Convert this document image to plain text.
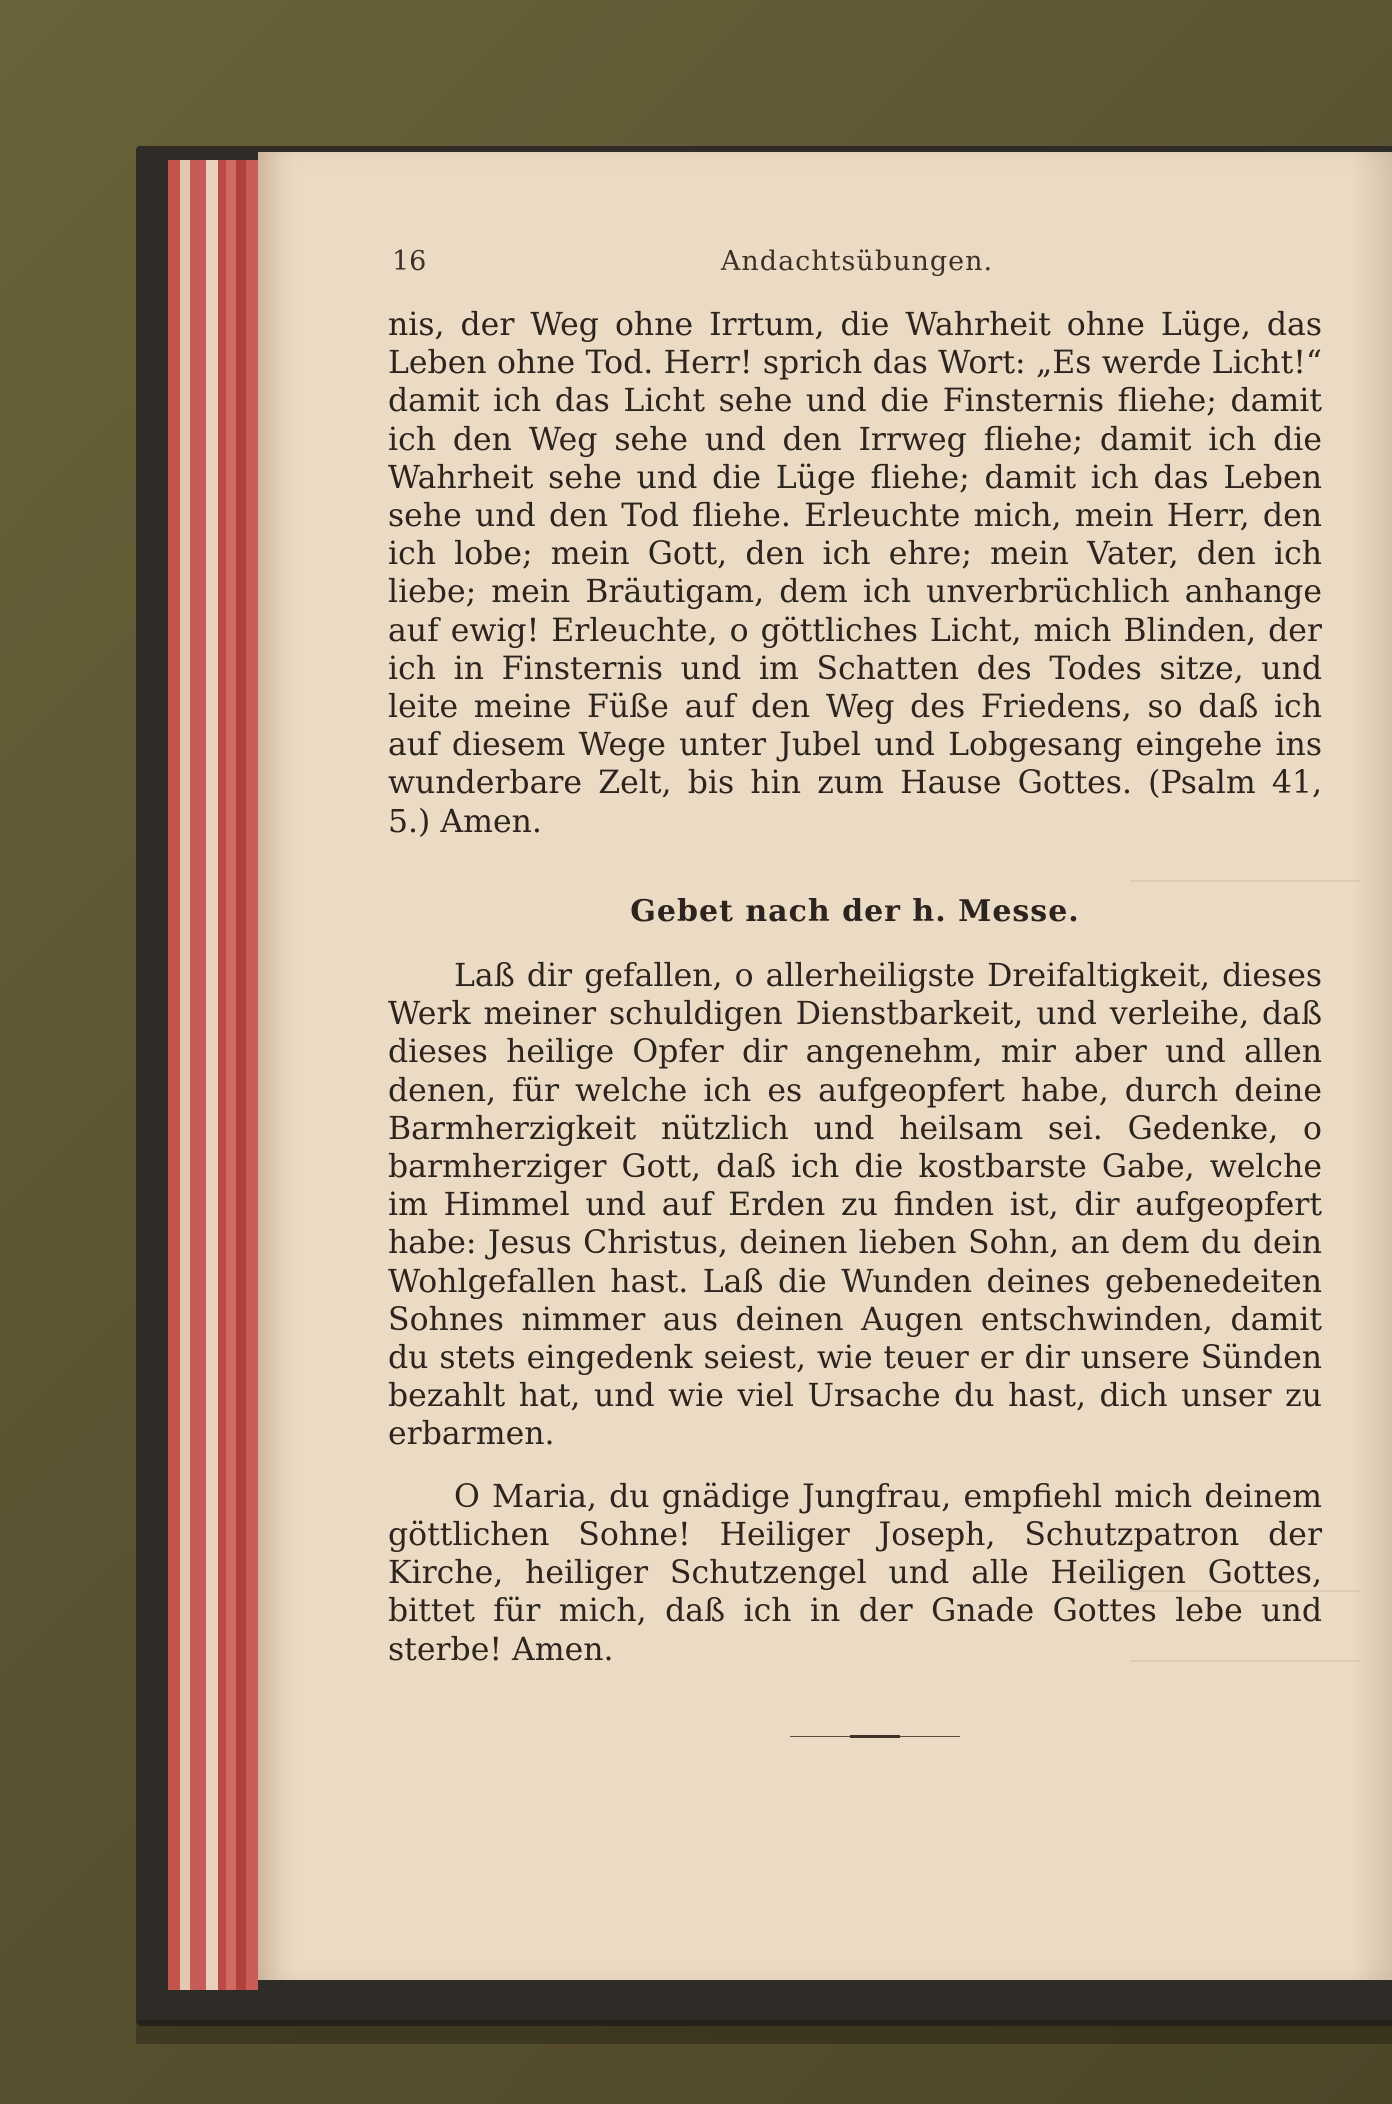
16	Andachtsübungen.

nis, der Weg ohne Irrtum, die Wahrheit ohne Lüge, das Leben ohne Tod. Herr! sprich das Wort: „Es werde Licht!“ damit ich das Licht sehe und die Finsternis fliehe; damit ich den Weg sehe und den Irrweg fliehe; damit ich die Wahrheit sehe und die Lüge fliehe; damit ich das Leben sehe und den Tod fliehe. Erleuchte mich, mein Herr, den ich lobe; mein Gott, den ich ehre; mein Vater, den ich liebe; mein Bräutigam, dem ich unverbrüchlich anhange auf ewig! Erleuchte, o göttliches Licht, mich Blinden, der ich in Finsternis und im Schatten des Todes sitze, und leite meine Füße auf den Weg des Friedens, so daß ich auf diesem Wege unter Jubel und Lobgesang eingehe ins wunderbare Zelt, bis hin zum Hause Gottes. (Psalm 41, 5.) Amen.

Gebet nach der h. Messe.

Laß dir gefallen, o allerheiligste Dreifaltigkeit, dieses Werk meiner schuldigen Dienstbarkeit, und verleihe, daß dieses heilige Opfer dir angenehm, mir aber und allen denen, für welche ich es aufgeopfert habe, durch deine Barmherzigkeit nützlich und heilsam sei. Gedenke, o barmherziger Gott, daß ich die kostbarste Gabe, welche im Himmel und auf Erden zu finden ist, dir aufgeopfert habe: Jesus Christus, deinen lieben Sohn, an dem du dein Wohlgefallen hast. Laß die Wunden deines gebenedeiten Sohnes nimmer aus deinen Augen entschwinden, damit du stets eingedenk seiest, wie teuer er dir unsere Sünden bezahlt hat, und wie viel Ursache du hast, dich unser zu erbarmen.

O Maria, du gnädige Jungfrau, empfiehl mich deinem göttlichen Sohne! Heiliger Joseph, Schutzpatron der Kirche, heiliger Schutzengel und alle Heiligen Gottes, bittet für mich, daß ich in der Gnade Gottes lebe und sterbe! Amen.
